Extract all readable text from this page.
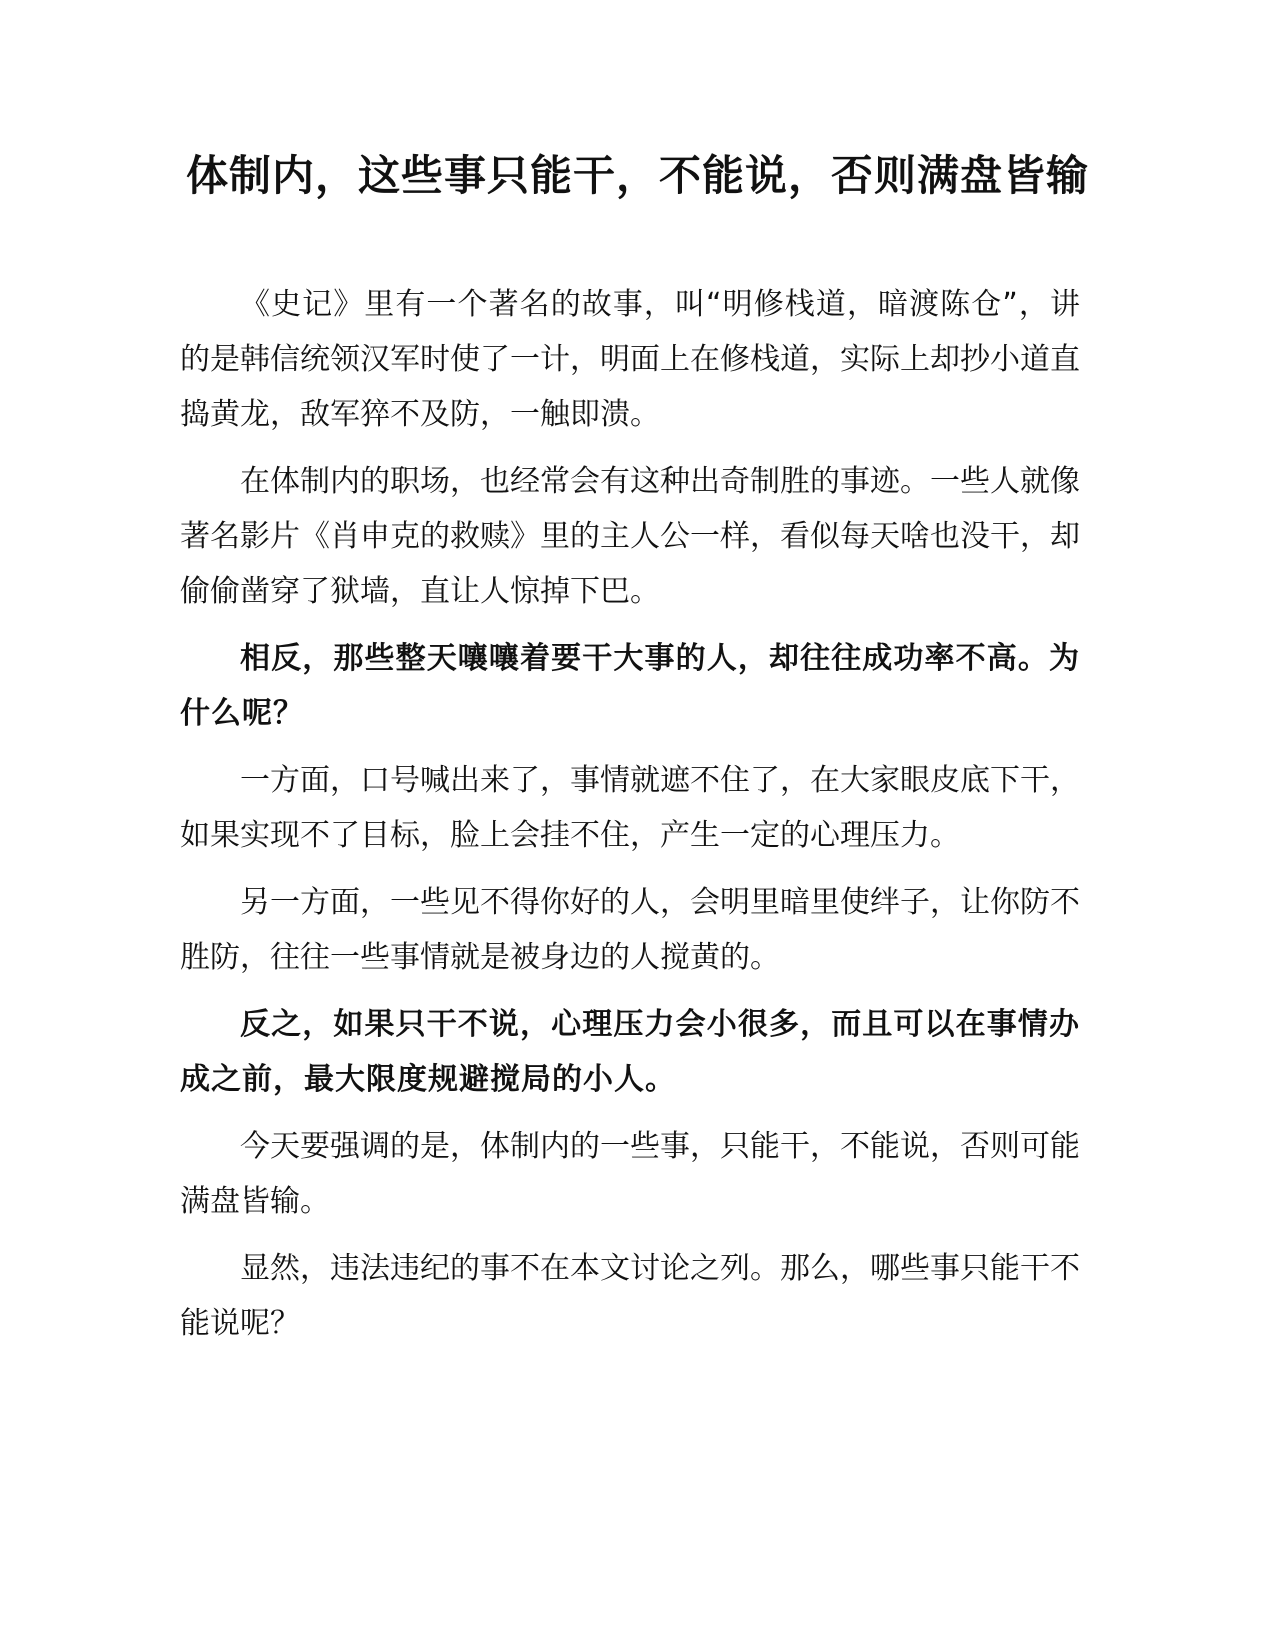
体制内，这些事只能干，不能说，否则满盘皆输

《史记》里有一个著名的故事，叫“明修栈道，暗渡陈仓”，讲的是韩信统领汉军时使了一计，明面上在修栈道，实际上却抄小道直捣黄龙，敌军猝不及防，一触即溃。

在体制内的职场，也经常会有这种出奇制胜的事迹。一些人就像著名影片《肖申克的救赎》里的主人公一样，看似每天啥也没干，却偷偷凿穿了狱墙，直让人惊掉下巴。

相反，那些整天嚷嚷着要干大事的人，却往往成功率不高。为什么呢？

一方面，口号喊出来了，事情就遮不住了，在大家眼皮底下干，如果实现不了目标，脸上会挂不住，产生一定的心理压力。

另一方面，一些见不得你好的人，会明里暗里使绊子，让你防不胜防，往往一些事情就是被身边的人搅黄的。

反之，如果只干不说，心理压力会小很多，而且可以在事情办成之前，最大限度规避搅局的小人。

今天要强调的是，体制内的一些事，只能干，不能说，否则可能满盘皆输。

显然，违法违纪的事不在本文讨论之列。那么，哪些事只能干不能说呢？
